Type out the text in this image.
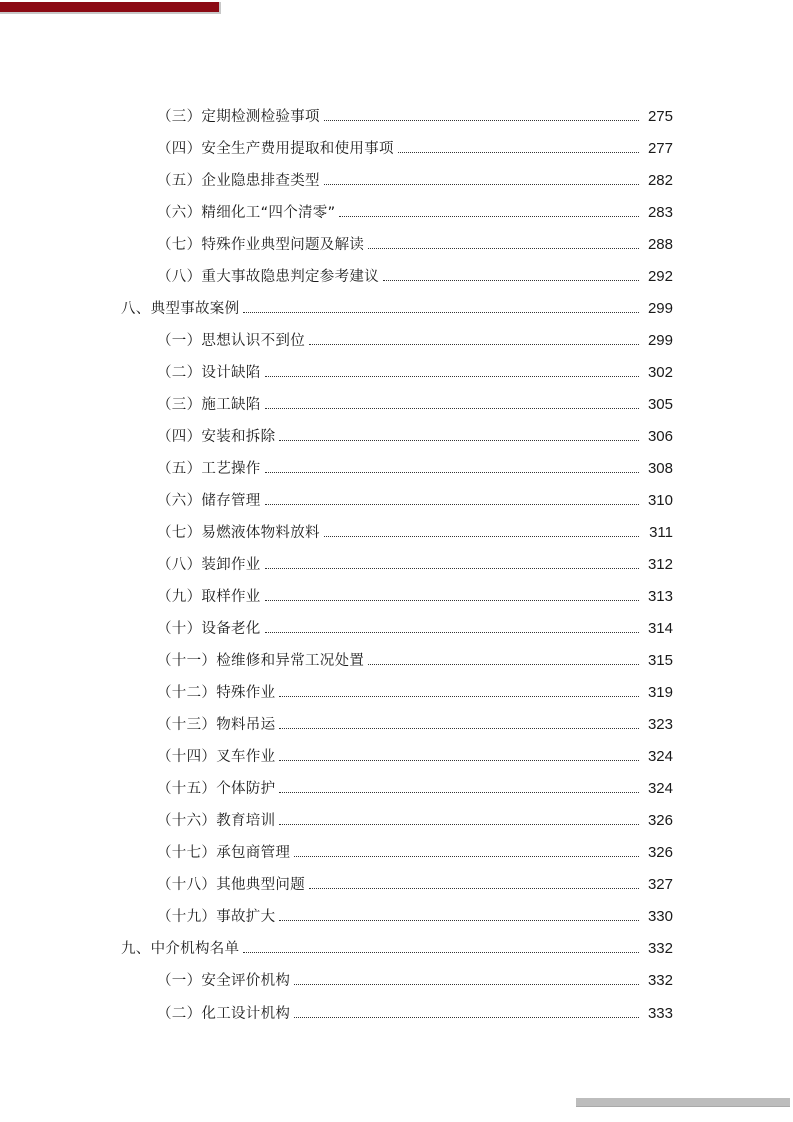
（三）定期检测检验事项	275
（四）安全生产费用提取和使用事项	277
（五）企业隐患排查类型	282
（六）精细化工“四个清零”	283
（七）特殊作业典型问题及解读	288
（八）重大事故隐患判定参考建议	292
八、典型事故案例	299
（一）思想认识不到位	299
（二）设计缺陷	302
（三）施工缺陷	305
（四）安装和拆除	306
（五）工艺操作	308
（六）储存管理	310
（七）易燃液体物料放料	311
（八）装卸作业	312
（九）取样作业	313
（十）设备老化	314
（十一）检维修和异常工况处置	315
（十二）特殊作业	319
（十三）物料吊运	323
（十四）叉车作业	324
（十五）个体防护	324
（十六）教育培训	326
（十七）承包商管理	326
（十八）其他典型问题	327
（十九）事故扩大	330
九、中介机构名单	332
（一）安全评价机构	332
（二）化工设计机构	333
